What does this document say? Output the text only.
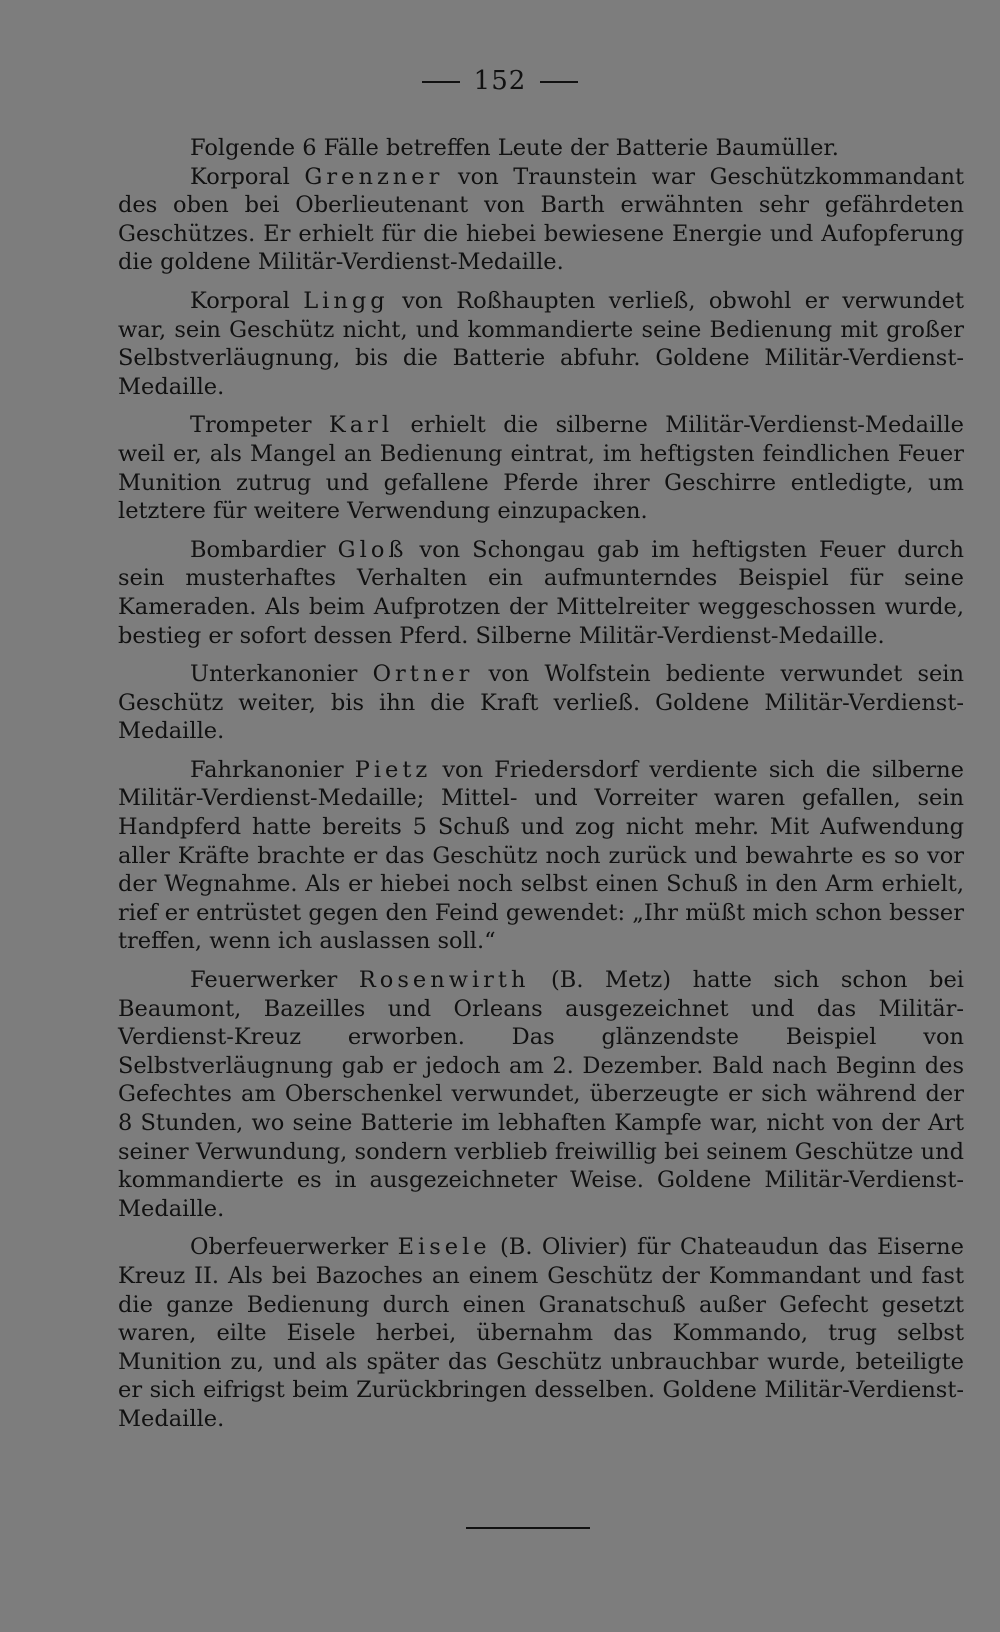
152

Folgende 6 Fälle betreffen Leute der Batterie Baumüller.

Korporal Grenzner von Traunstein war Geschützkommandant des oben bei Oberlieutenant von Barth erwähnten sehr gefährdeten Geschützes. Er erhielt für die hiebei bewiesene Energie und Aufopferung die goldene Militär-Verdienst-Medaille.

Korporal Lingg von Roßhaupten verließ, obwohl er verwundet war, sein Geschütz nicht, und kommandierte seine Bedienung mit großer Selbstverläugnung, bis die Batterie abfuhr. Goldene Militär-Verdienst-Medaille.

Trompeter Karl erhielt die silberne Militär-Verdienst-Medaille weil er, als Mangel an Bedienung eintrat, im heftigsten feindlichen Feuer Munition zutrug und gefallene Pferde ihrer Geschirre entledigte, um letztere für weitere Verwendung einzupacken.

Bombardier Gloß von Schongau gab im heftigsten Feuer durch sein musterhaftes Verhalten ein aufmunterndes Beispiel für seine Kameraden. Als beim Aufprotzen der Mittelreiter weggeschossen wurde, bestieg er sofort dessen Pferd. Silberne Militär-Verdienst-Medaille.

Unterkanonier Ortner von Wolfstein bediente verwundet sein Geschütz weiter, bis ihn die Kraft verließ. Goldene Militär-Verdienst-Medaille.

Fahrkanonier Pietz von Friedersdorf verdiente sich die silberne Militär-Verdienst-Medaille; Mittel- und Vorreiter waren gefallen, sein Handpferd hatte bereits 5 Schuß und zog nicht mehr. Mit Aufwendung aller Kräfte brachte er das Geschütz noch zurück und bewahrte es so vor der Wegnahme. Als er hiebei noch selbst einen Schuß in den Arm erhielt, rief er entrüstet gegen den Feind gewendet: „Ihr müßt mich schon besser treffen, wenn ich auslassen soll.“

Feuerwerker Rosenwirth (B. Metz) hatte sich schon bei Beaumont, Bazeilles und Orleans ausgezeichnet und das Militär-Verdienst-Kreuz erworben. Das glänzendste Beispiel von Selbstverläugnung gab er jedoch am 2. Dezember. Bald nach Beginn des Gefechtes am Oberschenkel verwundet, überzeugte er sich während der 8 Stunden, wo seine Batterie im lebhaften Kampfe war, nicht von der Art seiner Verwundung, sondern verblieb freiwillig bei seinem Geschütze und kommandierte es in ausgezeichneter Weise. Goldene Militär-Verdienst-Medaille.

Oberfeuerwerker Eisele (B. Olivier) für Chateaudun das Eiserne Kreuz II. Als bei Bazoches an einem Geschütz der Kommandant und fast die ganze Bedienung durch einen Granatschuß außer Gefecht gesetzt waren, eilte Eisele herbei, übernahm das Kommando, trug selbst Munition zu, und als später das Geschütz unbrauchbar wurde, beteiligte er sich eifrigst beim Zurückbringen desselben. Goldene Militär-Verdienst-Medaille.
